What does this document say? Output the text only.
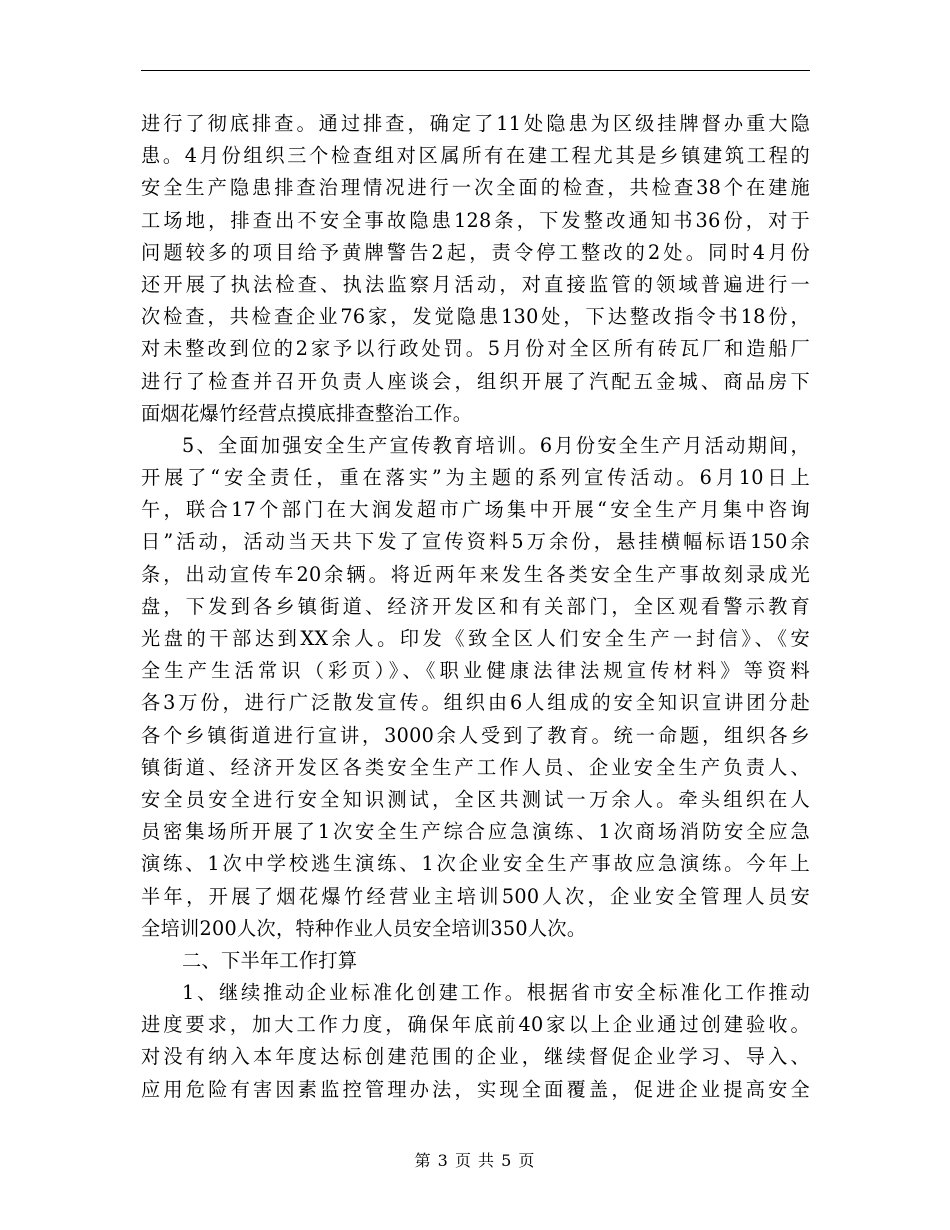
进行了彻底排查。通过排查，确定了11处隐患为区级挂牌督办重大隐
患。4月份组织三个检查组对区属所有在建工程尤其是乡镇建筑工程的
安全生产隐患排查治理情况进行一次全面的检查，共检查38个在建施
工场地，排查出不安全事故隐患128条，下发整改通知书36份，对于
问题较多的项目给予黄牌警告2起，责令停工整改的2处。同时4月份
还开展了执法检查、执法监察月活动，对直接监管的领域普遍进行一
次检查，共检查企业76家，发觉隐患130处，下达整改指令书18份，
对未整改到位的2家予以行政处罚。5月份对全区所有砖瓦厂和造船厂
进行了检查并召开负责人座谈会，组织开展了汽配五金城、商品房下
面烟花爆竹经营点摸底排查整治工作。
5、全面加强安全生产宣传教育培训。6月份安全生产月活动期间，
开展了“安全责任，重在落实”为主题的系列宣传活动。6月10日上
午，联合17个部门在大润发超市广场集中开展“安全生产月集中咨询
日”活动，活动当天共下发了宣传资料5万余份，悬挂横幅标语150余
条，出动宣传车20余辆。将近两年来发生各类安全生产事故刻录成光
盘，下发到各乡镇街道、经济开发区和有关部门，全区观看警示教育
光盘的干部达到XX余人。印发《致全区人们安全生产一封信》、《安
全生产生活常识（彩页）》、《职业健康法律法规宣传材料》等资料
各3万份，进行广泛散发宣传。组织由6人组成的安全知识宣讲团分赴
各个乡镇街道进行宣讲，3000余人受到了教育。统一命题，组织各乡
镇街道、经济开发区各类安全生产工作人员、企业安全生产负责人、
安全员安全进行安全知识测试，全区共测试一万余人。牵头组织在人
员密集场所开展了1次安全生产综合应急演练、1次商场消防安全应急
演练、1次中学校逃生演练、1次企业安全生产事故应急演练。今年上
半年，开展了烟花爆竹经营业主培训500人次，企业安全管理人员安
全培训200人次，特种作业人员安全培训350人次。
二、下半年工作打算
1、继续推动企业标准化创建工作。根据省市安全标准化工作推动
进度要求，加大工作力度，确保年底前40家以上企业通过创建验收。
对没有纳入本年度达标创建范围的企业，继续督促企业学习、导入、
应用危险有害因素监控管理办法，实现全面覆盖，促进企业提高安全
第 3 页 共 5 页
